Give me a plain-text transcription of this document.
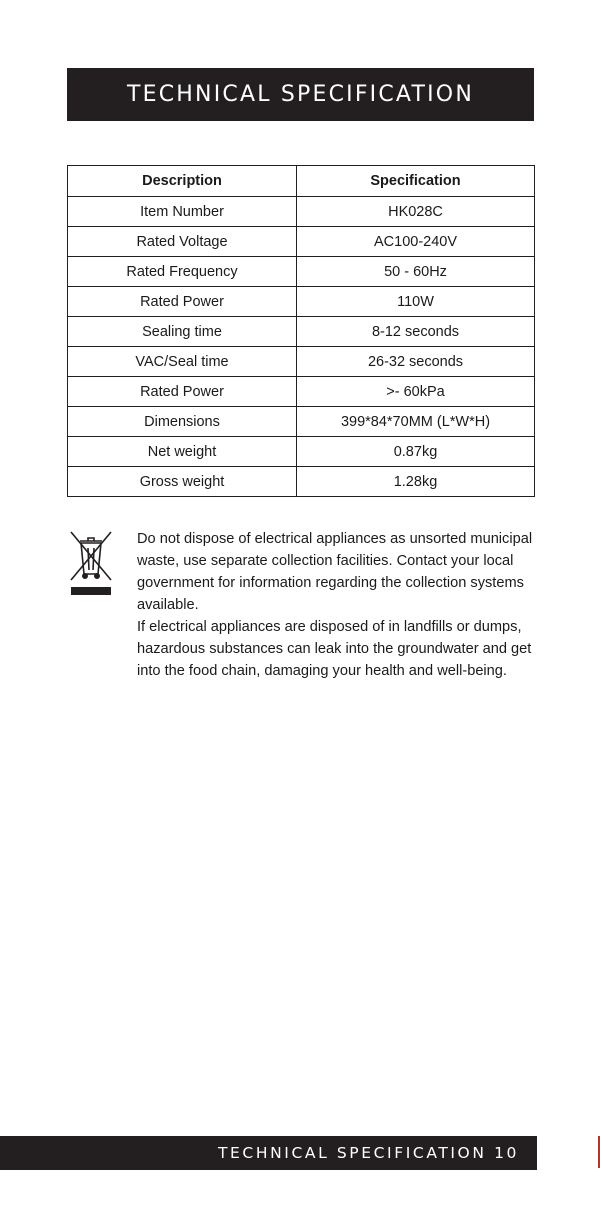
TECHNICAL SPECIFICATION
Description	Specification
Item Number	HK028C
Rated Voltage	AC100-240V
Rated Frequency	50 - 60Hz
Rated Power	110W
Sealing time	8-12 seconds
VAC/Seal time	26-32 seconds
Rated Power	>- 60kPa
Dimensions	399*84*70MM (L*W*H)
Net weight	0.87kg
Gross weight	1.28kg

Do not dispose of electrical appliances as unsorted municipal waste, use separate collection facilities. Contact your local government for information regarding the collection systems available.

If electrical appliances are disposed of in landfills or dumps, hazardous substances can leak into the groundwater and get into the food chain, damaging your health and well-being.

TECHNICAL SPECIFICATION 10
